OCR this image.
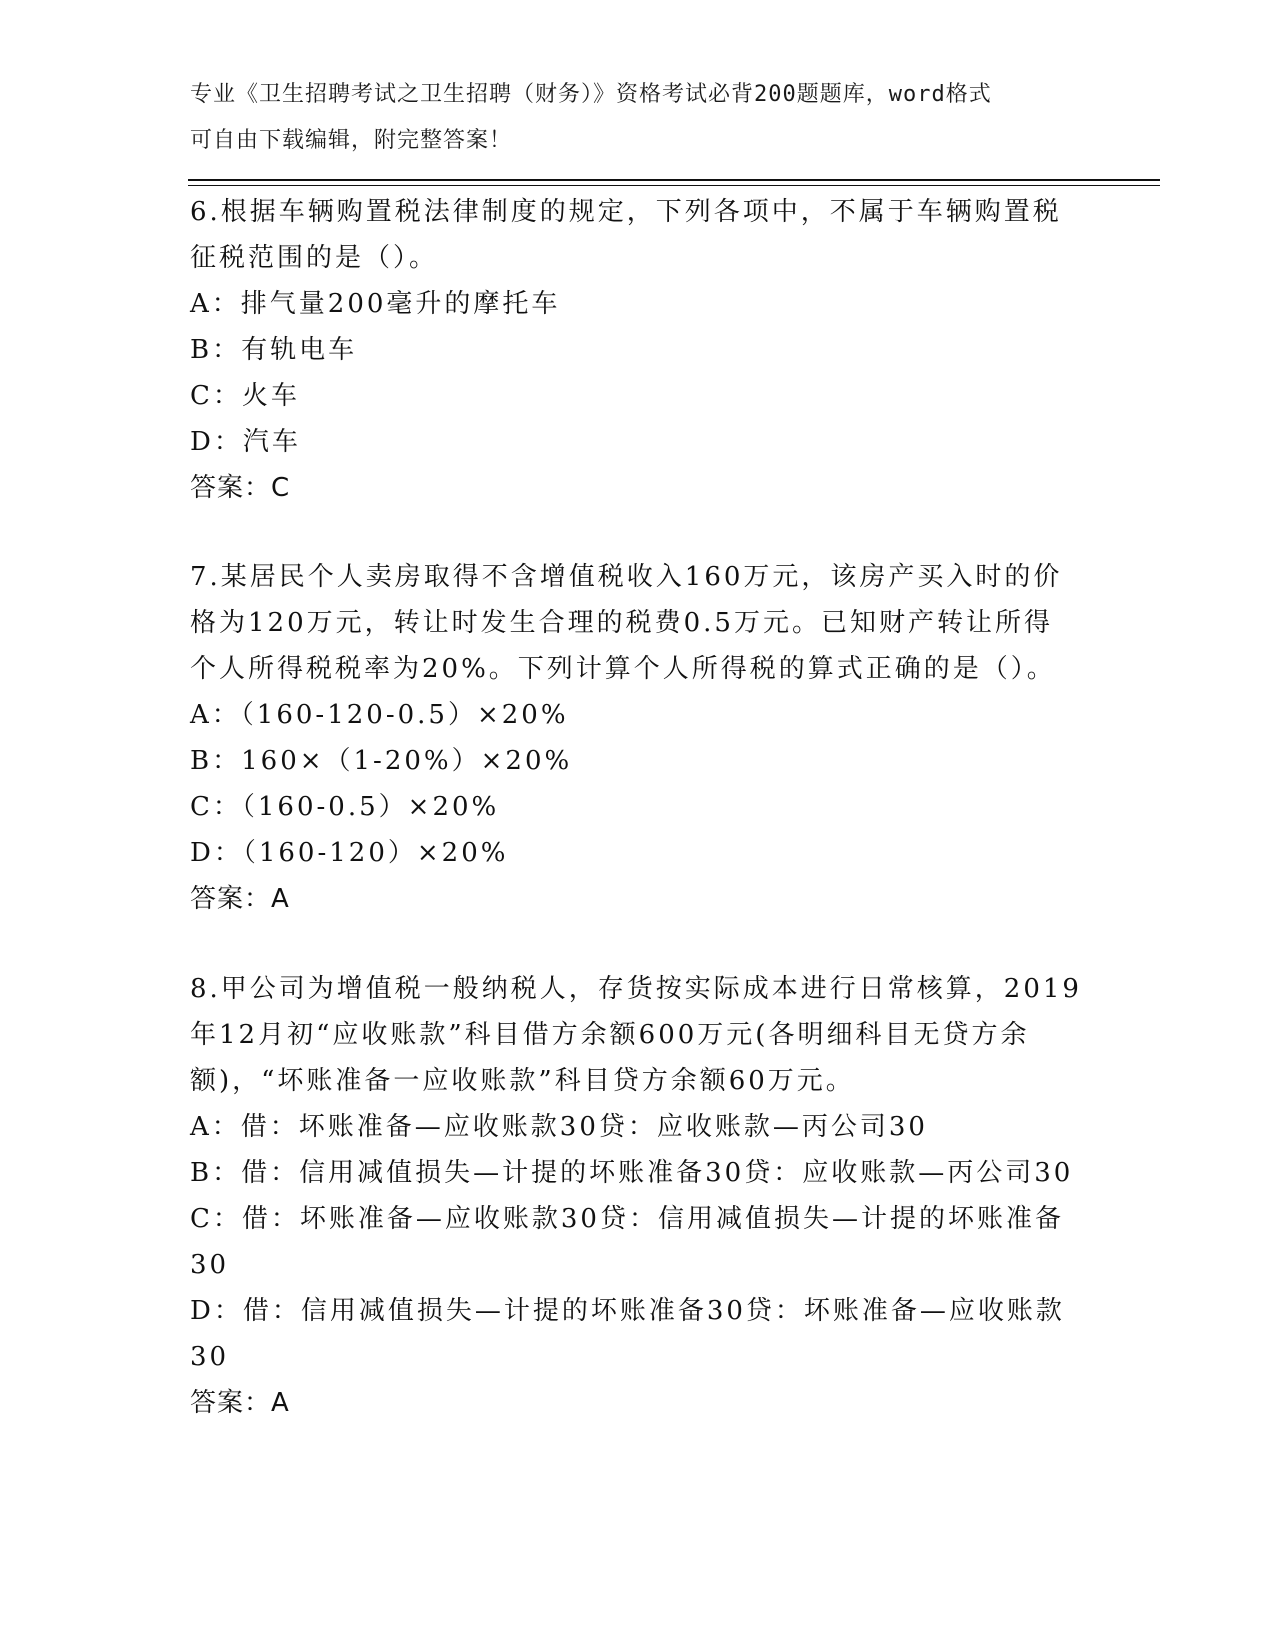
专业《卫生招聘考试之卫生招聘（财务）》资格考试必背200题题库，word格式
可自由下载编辑，附完整答案！
6.根据车辆购置税法律制度的规定，下列各项中，不属于车辆购置税
征税范围的是（）。
A：排气量200毫升的摩托车
B：有轨电车
C：火车
D：汽车
答案：C
7.某居民个人卖房取得不含增值税收入160万元，该房产买入时的价
格为120万元，转让时发生合理的税费0.5万元。已知财产转让所得
个人所得税税率为20%。下列计算个人所得税的算式正确的是（）。
A：（160-120-0.5）×20%
B：160×（1-20%）×20%
C：（160-0.5）×20%
D：（160-120）×20%
答案：A
8.甲公司为增值税一般纳税人，存货按实际成本进行日常核算，2019
年12月初“应收账款”科目借方余额600万元(各明细科目无贷方余
额)，“坏账准备一应收账款”科目贷方余额60万元。
A：借：坏账准备—应收账款30贷：应收账款—丙公司30
B：借：信用减值损失—计提的坏账准备30贷：应收账款—丙公司30
C：借：坏账准备—应收账款30贷：信用减值损失—计提的坏账准备
30
D：借：信用减值损失—计提的坏账准备30贷：坏账准备—应收账款
30
答案：A
